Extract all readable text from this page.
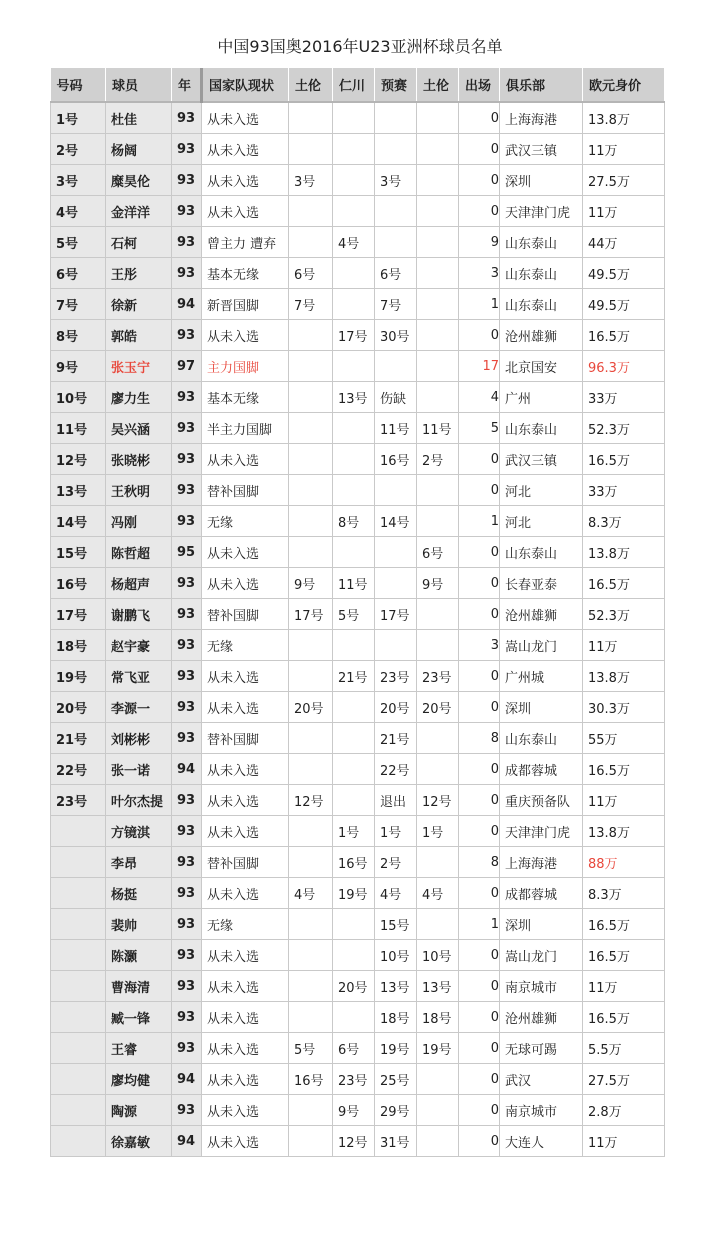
中国93国奥2016年U23亚洲杯球员名单
号码	球员	年	国家队现状	土伦	仁川	预赛	土伦	出场	俱乐部	欧元身价
1号	杜佳	93	从未入选					0	上海海港	13.8万
2号	杨阔	93	从未入选					0	武汉三镇	11万
3号	糜昊伦	93	从未入选	3号		3号		0	深圳	27.5万
4号	金洋洋	93	从未入选					0	天津津门虎	11万
5号	石柯	93	曾主力 遭弃		4号			9	山东泰山	44万
6号	王彤	93	基本无缘	6号		6号		3	山东泰山	49.5万
7号	徐新	94	新晋国脚	7号		7号		1	山东泰山	49.5万
8号	郭皓	93	从未入选		17号	30号		0	沧州雄狮	16.5万
9号	张玉宁	97	主力国脚					17	北京国安	96.3万
10号	廖力生	93	基本无缘		13号	伤缺		4	广州	33万
11号	吴兴涵	93	半主力国脚			11号	11号	5	山东泰山	52.3万
12号	张晓彬	93	从未入选			16号	2号	0	武汉三镇	16.5万
13号	王秋明	93	替补国脚					0	河北	33万
14号	冯刚	93	无缘		8号	14号		1	河北	8.3万
15号	陈哲超	95	从未入选				6号	0	山东泰山	13.8万
16号	杨超声	93	从未入选	9号	11号		9号	0	长春亚泰	16.5万
17号	谢鹏飞	93	替补国脚	17号	5号	17号		0	沧州雄狮	52.3万
18号	赵宇豪	93	无缘					3	嵩山龙门	11万
19号	常飞亚	93	从未入选		21号	23号	23号	0	广州城	13.8万
20号	李源一	93	从未入选	20号		20号	20号	0	深圳	30.3万
21号	刘彬彬	93	替补国脚			21号		8	山东泰山	55万
22号	张一诺	94	从未入选			22号		0	成都蓉城	16.5万
23号	叶尔杰提	93	从未入选	12号		退出	12号	0	重庆预备队	11万
	方镜淇	93	从未入选		1号	1号	1号	0	天津津门虎	13.8万
	李昂	93	替补国脚		16号	2号		8	上海海港	88万
	杨挺	93	从未入选	4号	19号	4号	4号	0	成都蓉城	8.3万
	裴帅	93	无缘			15号		1	深圳	16.5万
	陈灏	93	从未入选			10号	10号	0	嵩山龙门	16.5万
	曹海清	93	从未入选		20号	13号	13号	0	南京城市	11万
	臧一锋	93	从未入选			18号	18号	0	沧州雄狮	16.5万
	王睿	93	从未入选	5号	6号	19号	19号	0	无球可踢	5.5万
	廖均健	94	从未入选	16号	23号	25号		0	武汉	27.5万
	陶源	93	从未入选		9号	29号		0	南京城市	2.8万
	徐嘉敏	94	从未入选		12号	31号		0	大连人	11万
